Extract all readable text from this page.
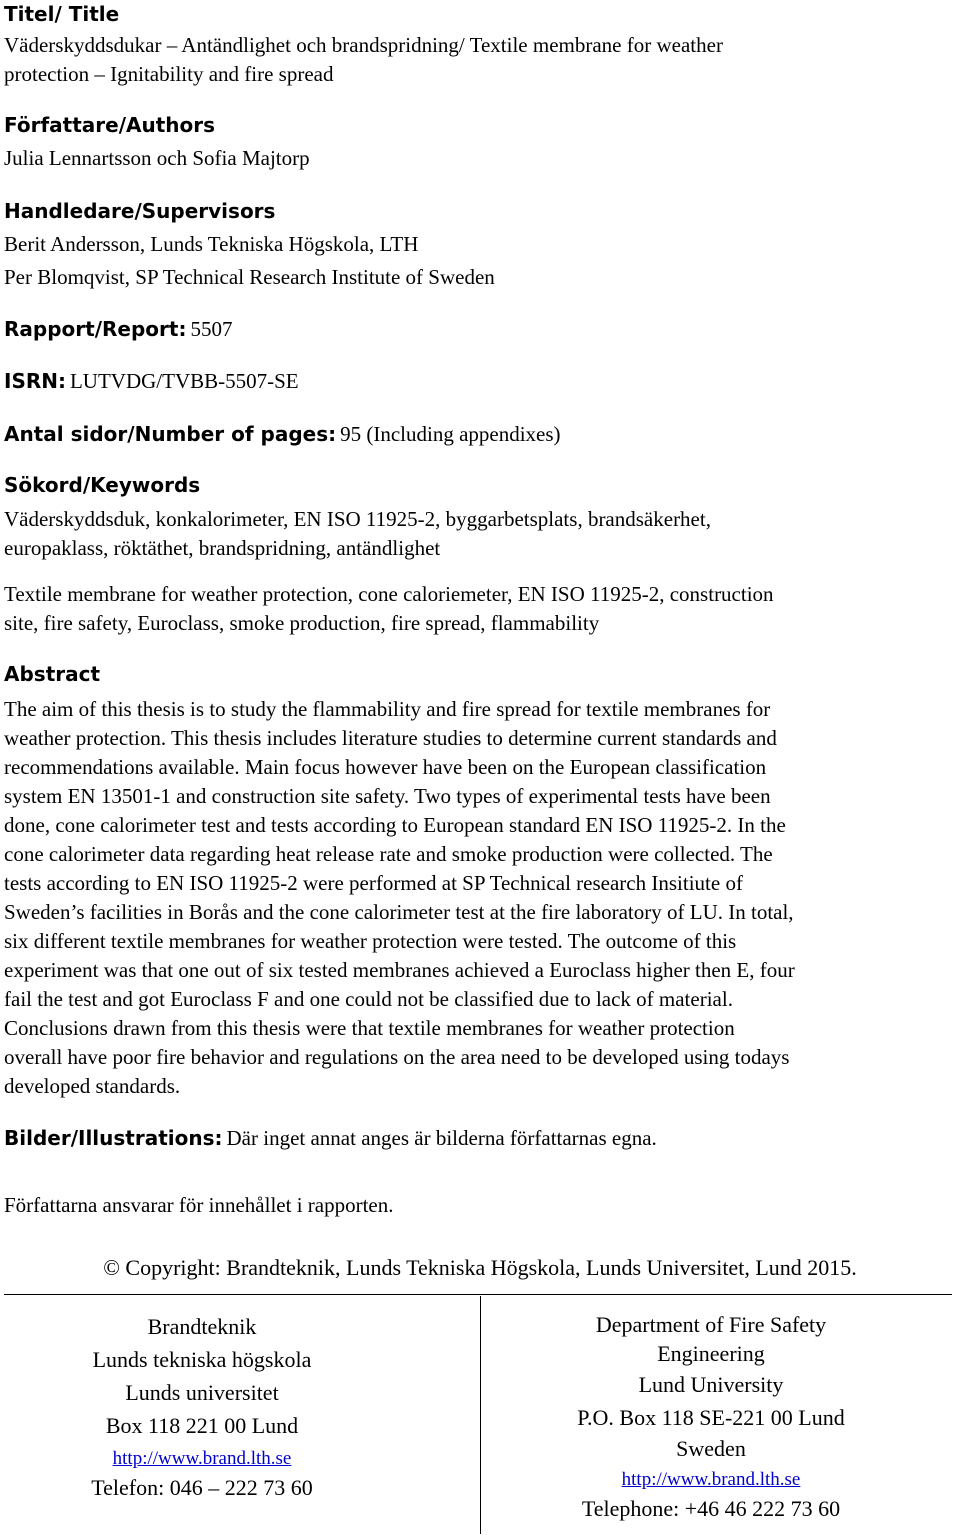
Titel/ Title
Väderskyddsdukar – Antändlighet och brandspridning/ Textile membrane for weather
protection – Ignitability and fire spread
Författare/Authors
Julia Lennartsson och Sofia Majtorp
Handledare/Supervisors
Berit Andersson, Lunds Tekniska Högskola, LTH
Per Blomqvist, SP Technical Research Institute of Sweden
Rapport/Report: 5507
ISRN: LUTVDG/TVBB-5507-SE
Antal sidor/Number of pages: 95 (Including appendixes)
Sökord/Keywords
Väderskyddsduk, konkalorimeter, EN ISO 11925-2, byggarbetsplats, brandsäkerhet,
europaklass, röktäthet, brandspridning, antändlighet
Textile membrane for weather protection, cone caloriemeter, EN ISO 11925-2, construction
site, fire safety, Euroclass, smoke production, fire spread, flammability
Abstract
The aim of this thesis is to study the flammability and fire spread for textile membranes for
weather protection. This thesis includes literature studies to determine current standards and
recommendations available. Main focus however have been on the European classification
system EN 13501-1 and construction site safety. Two types of experimental tests have been
done, cone calorimeter test and tests according to European standard EN ISO 11925-2. In the
cone calorimeter data regarding heat release rate and smoke production were collected. The
tests according to EN ISO 11925-2 were performed at SP Technical research Insitiute of
Sweden’s facilities in Borås and the cone calorimeter test at the fire laboratory of LU. In total,
six different textile membranes for weather protection were tested. The outcome of this
experiment was that one out of six tested membranes achieved a Euroclass higher then E, four
fail the test and got Euroclass F and one could not be classified due to lack of material.
Conclusions drawn from this thesis were that textile membranes for weather protection
overall have poor fire behavior and regulations on the area need to be developed using todays
developed standards.
Bilder/Illustrations: Där inget annat anges är bilderna författarnas egna.
Författarna ansvarar för innehållet i rapporten.
© Copyright: Brandteknik, Lunds Tekniska Högskola, Lunds Universitet, Lund 2015.
Brandteknik
Lunds tekniska högskola
Lunds universitet
Box 118 221 00 Lund
http://www.brand.lth.se
Telefon: 046 – 222 73 60
Department of Fire Safety
Engineering
Lund University
P.O. Box 118 SE-221 00 Lund
Sweden
http://www.brand.lth.se
Telephone: +46 46 222 73 60
